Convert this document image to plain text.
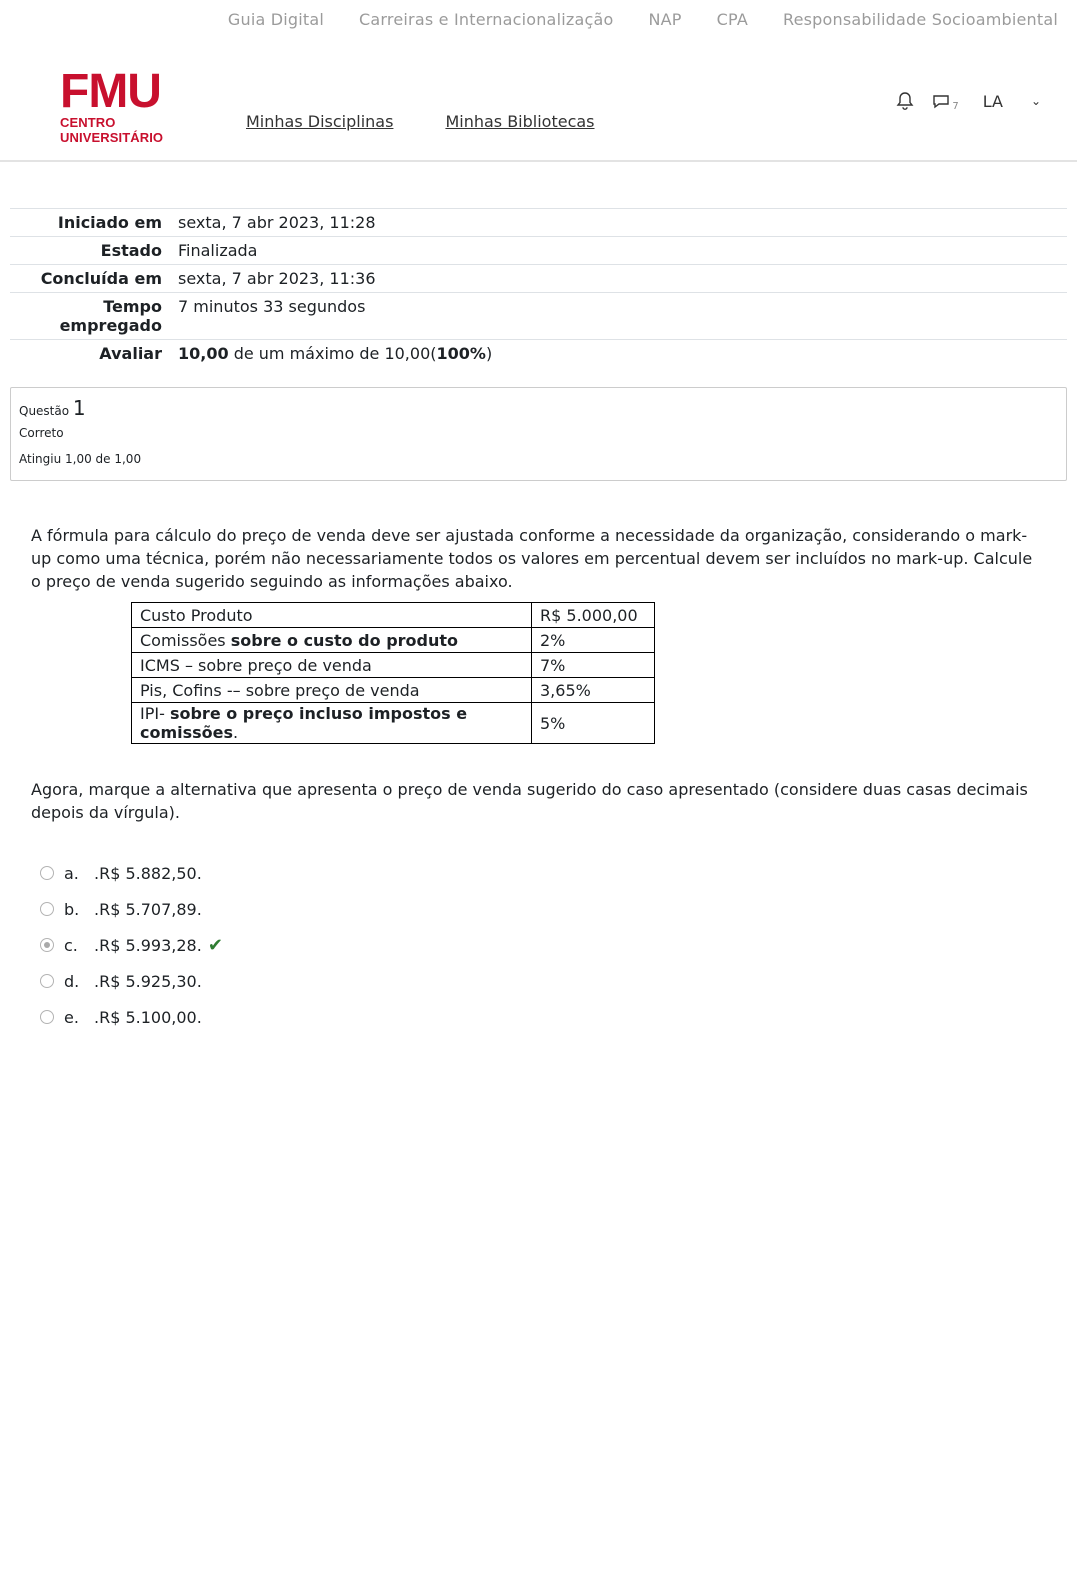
Guia Digital Carreiras e Internacionalização NAP CPA Responsabilidade Socioambiental
FMU
CENTRO UNIVERSITÁRIO
Minhas Disciplinas	Minhas Bibliotecas
7 LA ⌄
Iniciado em	sexta, 7 abr 2023, 11:28
Estado	Finalizada
Concluída em	sexta, 7 abr 2023, 11:36
Tempo
empregado	7 minutos 33 segundos
Avaliar	10,00 de um máximo de 10,00(100%)
Questão 1
Correto
Atingiu 1,00 de 1,00
A fórmula para cálculo do preço de venda deve ser ajustada conforme a necessidade da organização, considerando o mark-up como uma técnica, porém não necessariamente todos os valores em percentual devem ser incluídos no mark-up. Calcule o preço de venda sugerido seguindo as informações abaixo.
Custo Produto	R$ 5.000,00
Comissões sobre o custo do produto	2%
ICMS – sobre preço de venda	7%
Pis, Cofins -– sobre preço de venda	3,65%
IPI- sobre o preço incluso impostos e comissões.	5%
Agora, marque a alternativa que apresenta o preço de venda sugerido do caso apresentado (considere duas casas decimais depois da vírgula).
a. .R$ 5.882,50.
b. .R$ 5.707,89.
c.	.R$ 5.993,28. ✔
d. .R$ 5.925,30.
e. .R$ 5.100,00.
